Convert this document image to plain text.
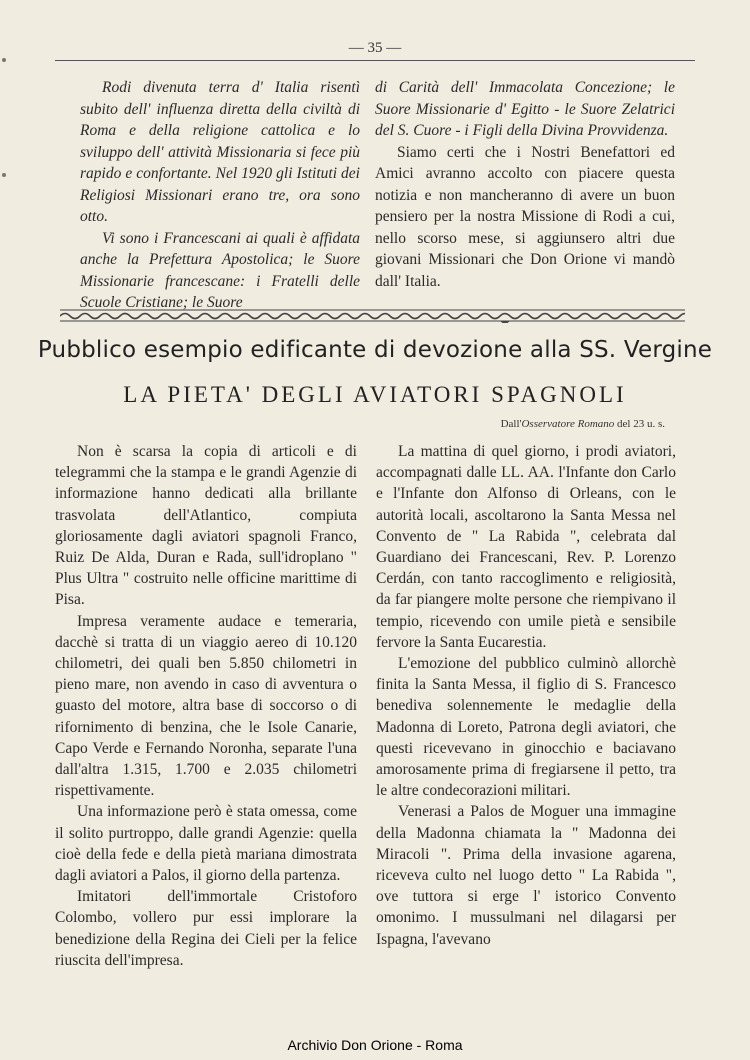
— 35 —

Rodi divenuta terra d' Italia risentì subito dell' influenza diretta della civiltà di Roma e della religione cattolica e lo sviluppo dell' attività Missionaria si fece più rapido e confortante. Nel 1920 gli Istituti dei Religiosi Missionari erano tre, ora sono otto.

Vi sono i Francescani ai quali è affidata anche la Prefettura Apostolica; le Suore Missionarie francescane: i Fratelli delle Scuole Cristiane; le Suore

di Carità dell' Immacolata Concezione; le Suore Missionarie d' Egitto - le Suore Zelatrici del S. Cuore - i Figli della Divina Provvidenza.

Siamo certi che i Nostri Benefattori ed Amici avranno accolto con piacere questa notizia e non mancheranno di avere un buon pensiero per la nostra Missione di Rodi a cui, nello scorso mese, si aggiunsero altri due giovani Missionari che Don Orione vi mandò dall' Italia.

Pubblico esempio edificante di devozione alla SS. Vergine
LA PIETA' DEGLI AVIATORI SPAGNOLI
Dall'Osservatore Romano del 23 u. s.

Non è scarsa la copia di articoli e di telegrammi che la stampa e le grandi Agenzie di informazione hanno dedicati alla brillante trasvolata dell'Atlantico, compiuta gloriosamente dagli aviatori spagnoli Franco, Ruiz De Alda, Duran e Rada, sull'idroplano " Plus Ultra " costruito nelle officine marittime di Pisa.

Impresa veramente audace e temeraria, dacchè si tratta di un viaggio aereo di 10.120 chilometri, dei quali ben 5.850 chilometri in pieno mare, non avendo in caso di avventura o guasto del motore, altra base di soccorso o di rifornimento di benzina, che le Isole Canarie, Capo Verde e Fernando Noronha, separate l'una dall'altra 1.315, 1.700 e 2.035 chilometri rispettivamente.

Una informazione però è stata omessa, come il solito purtroppo, dalle grandi Agenzie: quella cioè della fede e della pietà mariana dimostrata dagli aviatori a Palos, il giorno della partenza.

Imitatori dell'immortale Cristoforo Colombo, vollero pur essi implorare la benedizione della Regina dei Cieli per la felice riuscita dell'impresa.

La mattina di quel giorno, i prodi aviatori, accompagnati dalle LL. AA. l'Infante don Carlo e l'Infante don Alfonso di Orleans, con le autorità locali, ascoltarono la Santa Messa nel Convento de " La Rabida ", celebrata dal Guardiano dei Francescani, Rev. P. Lorenzo Cerdán, con tanto raccoglimento e religiosità, da far piangere molte persone che riempivano il tempio, ricevendo con umile pietà e sensibile fervore la Santa Eucarestia.

L'emozione del pubblico culminò allorchè finita la Santa Messa, il figlio di S. Francesco benediva solennemente le medaglie della Madonna di Loreto, Patrona degli aviatori, che questi ricevevano in ginocchio e baciavano amorosamente prima di fregiarsene il petto, tra le altre condecorazioni militari.

Venerasi a Palos de Moguer una immagine della Madonna chiamata la " Madonna dei Miracoli ". Prima della invasione agarena, riceveva culto nel luogo detto " La Rabida ", ove tuttora si erge l' istorico Convento omonimo. I mussulmani nel dilagarsi per Ispagna, l'avevano

Archivio Don Orione - Roma
